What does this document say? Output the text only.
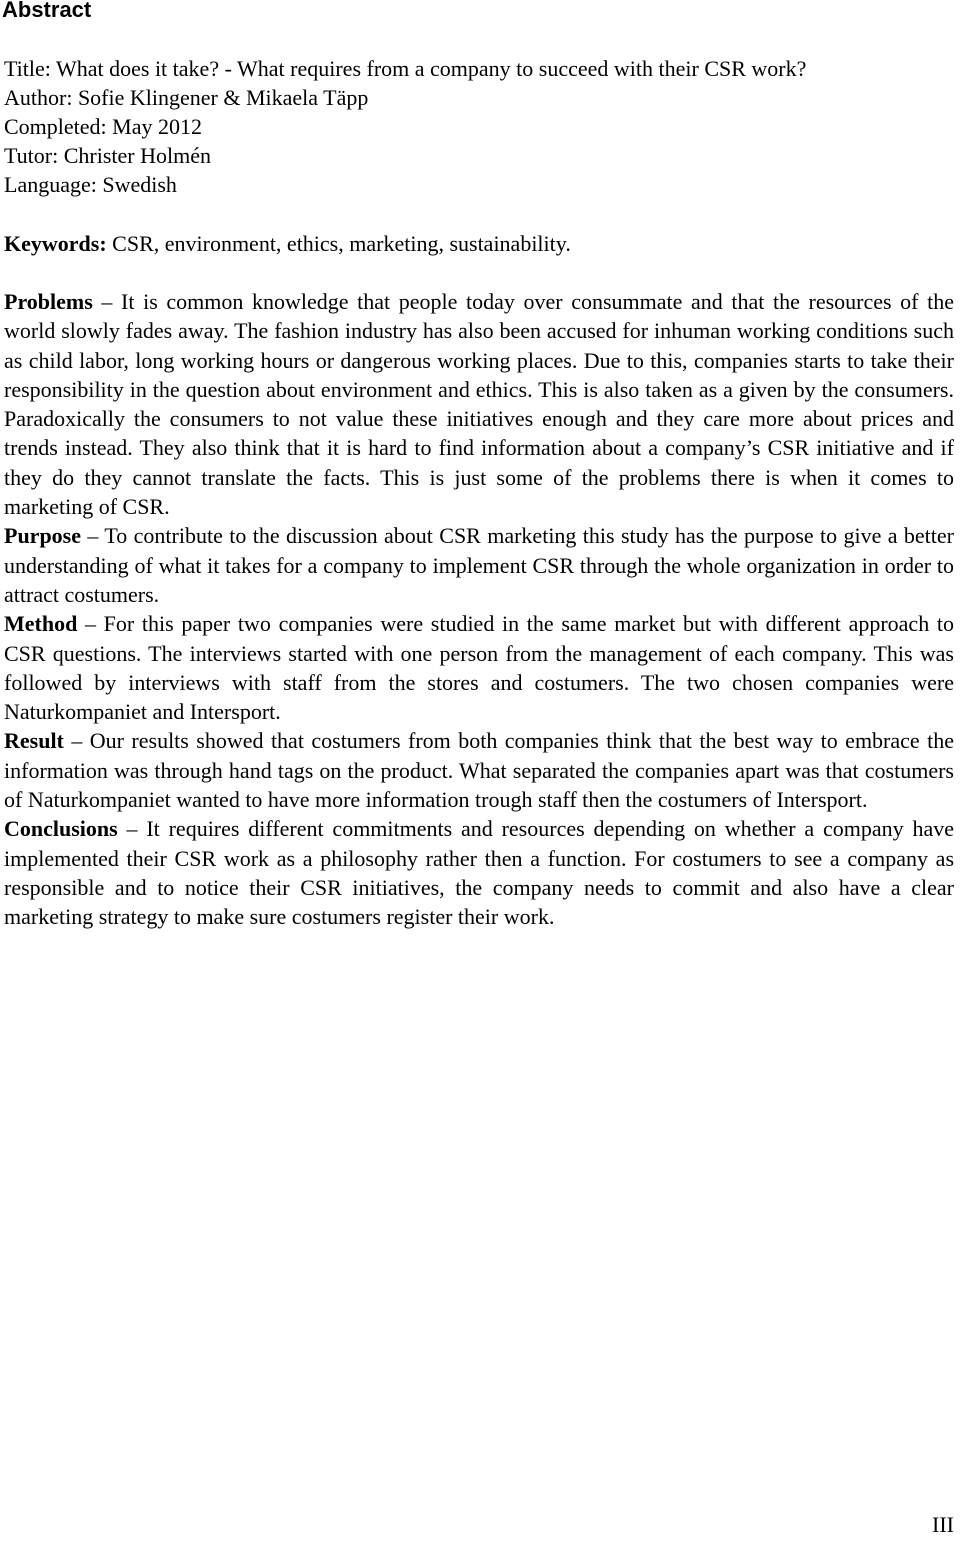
Abstract
Title: What does it take? - What requires from a company to succeed with their CSR work?
Author: Sofie Klingener & Mikaela Täpp
Completed: May 2012
Tutor: Christer Holmén
Language: Swedish
Keywords: CSR, environment, ethics, marketing, sustainability.

Problems – It is common knowledge that people today over consummate and that the resources of the world slowly fades away. The fashion industry has also been accused for inhuman working conditions such as child labor, long working hours or dangerous working places. Due to this, companies starts to take their responsibility in the question about environment and ethics. This is also taken as a given by the consumers. Paradoxically the consumers to not value these initiatives enough and they care more about prices and trends instead. They also think that it is hard to find information about a company’s CSR initiative and if they do they cannot translate the facts. This is just some of the problems there is when it comes to marketing of CSR.

Purpose – To contribute to the discussion about CSR marketing this study has the purpose to give a better understanding of what it takes for a company to implement CSR through the whole organization in order to attract costumers.

Method – For this paper two companies were studied in the same market but with different approach to CSR questions. The interviews started with one person from the management of each company. This was followed by interviews with staff from the stores and costumers. The two chosen companies were Naturkompaniet and Intersport.

Result – Our results showed that costumers from both companies think that the best way to embrace the information was through hand tags on the product. What separated the companies apart was that costumers of Naturkompaniet wanted to have more information trough staff then the costumers of Intersport.

Conclusions – It requires different commitments and resources depending on whether a company have implemented their CSR work as a philosophy rather then a function. For costumers to see a company as responsible and to notice their CSR initiatives, the company needs to commit and also have a clear marketing strategy to make sure costumers register their work.

III
